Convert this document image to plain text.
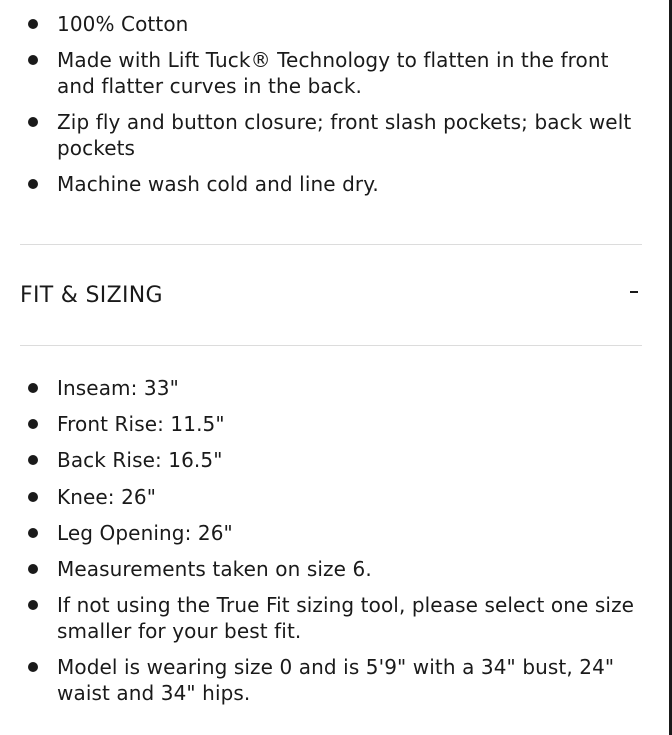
100% Cotton
Made with Lift Tuck® Technology to flatten in the front and flatter curves in the back.
Zip fly and button closure; front slash pockets; back welt pockets
Machine wash cold and line dry.
FIT & SIZING
Inseam: 33"
Front Rise: 11.5"
Back Rise: 16.5"
Knee: 26"
Leg Opening: 26"
Measurements taken on size 6.
If not using the True Fit sizing tool, please select one size smaller for your best fit.
Model is wearing size 0 and is 5'9" with a 34" bust, 24" waist and 34" hips.
